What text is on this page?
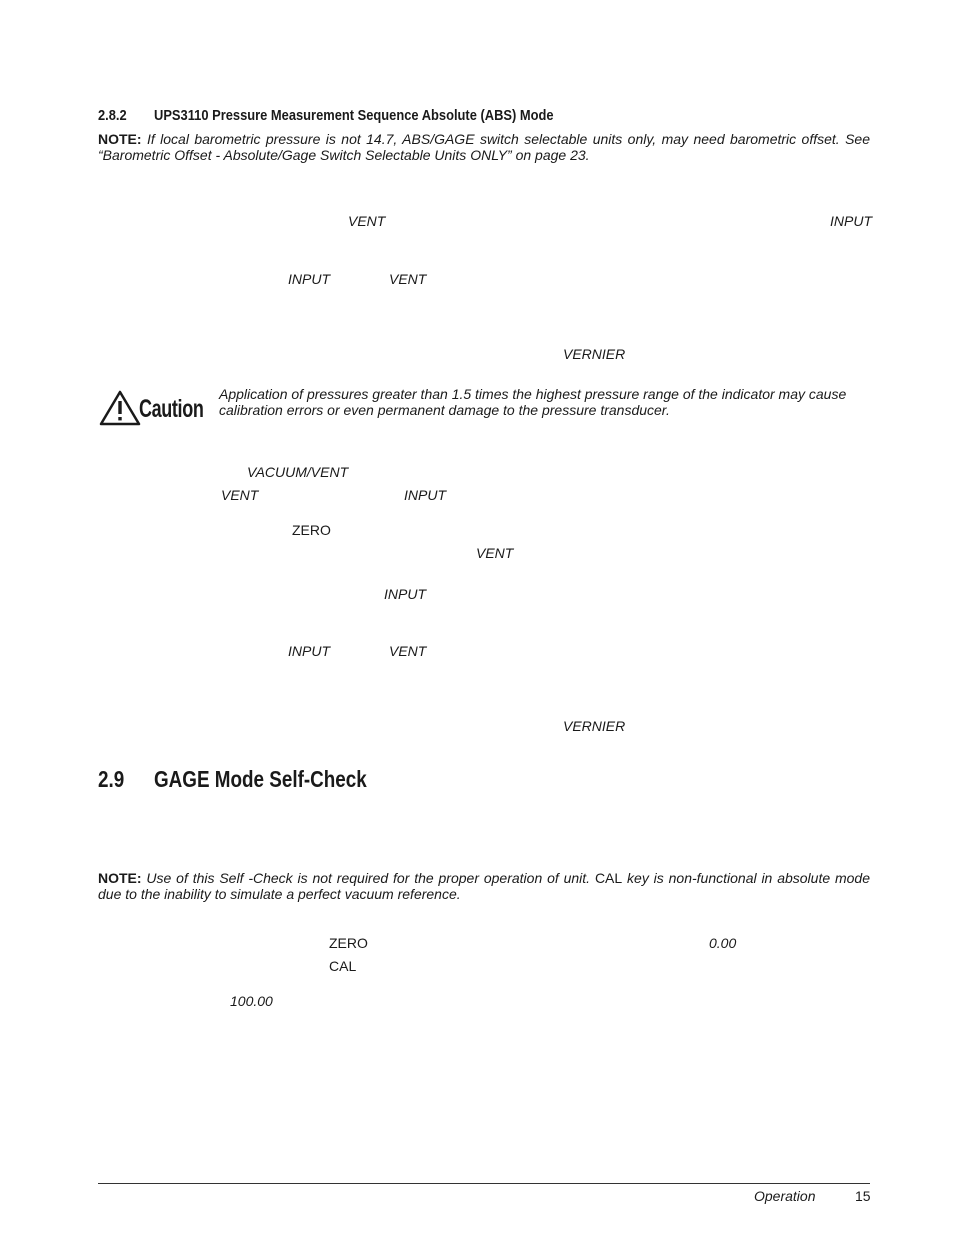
2.8.2 UPS3110 Pressure Measurement Sequence Absolute (ABS) Mode
NOTE: If local barometric pressure is not 14.7, ABS/GAGE switch selectable units only, may need barometric offset. See “Barometric Offset - Absolute/Gage Switch Selectable Units ONLY” on page 23.
VENT	INPUT
INPUT	VENT
VERNIER
Caution
Application of pressures greater than 1.5 times the highest pressure range of the indicator may cause calibration errors or even permanent damage to the pressure transducer.
VACUUM/VENT
VENT	INPUT
ZERO
VENT
INPUT
INPUT	VENT
VERNIER
2.9 GAGE Mode Self-Check
NOTE: Use of this Self -Check is not required for the proper operation of unit. CAL key is non-functional in absolute mode due to the inability to simulate a perfect vacuum reference.
ZERO	0.00
CAL
100.00
Operation	15
